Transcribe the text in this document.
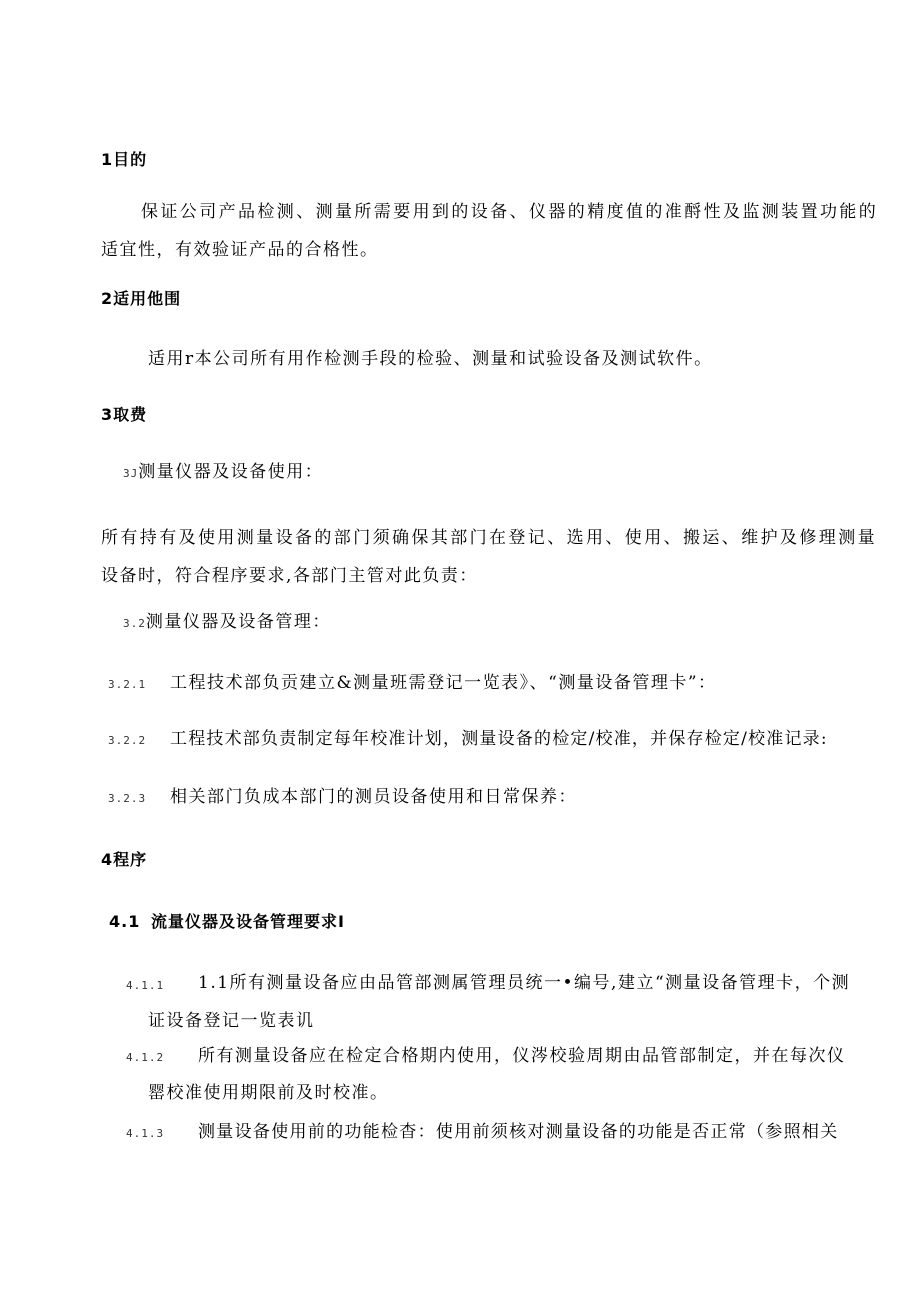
1目的
保证公司产品检测、测量所需要用到的设备、仪器的精度值的准酹性及监测装置功能的
适宜性，有效验证产品的合格性。
2适用他围
适用r本公司所有用作检测手段的检验、测量和试验设备及测试软件。
3取费
3J测量仪器及设备使用：
所有持有及使用测量设备的部门须确保其部门在登记、选用、使用、搬运、维护及修理测量
设备时，符合程序要求,各部门主管对此负责：
3.2测量仪器及设备管理：
3.2.1 工程技术部负贡建立&测量班需登记一览表》、“测量设备管理卡”：
3.2.2 工程技术部负责制定每年校准计划，测量设备的检定/校准，并保存检定/校准记录:
3.2.3 相关部门负成本部门的测员设备使用和日常保养：
4程序
4.1 流量仪器及设备管理要求I
4.1.1 1.1所有测量设备应由品管部测属管理员统一•编号,建立“测量设备管理卡，个测
证设备登记一览表讥
4.1.2 所有测量设备应在检定合格期内使用，仪涔校验周期由品管部制定，并在每次仪
罂校准使用期限前及时校准。
4.1.3 测量设备使用前的功能检杳：使用前须核对测量设备的功能是否正常（参照相关
